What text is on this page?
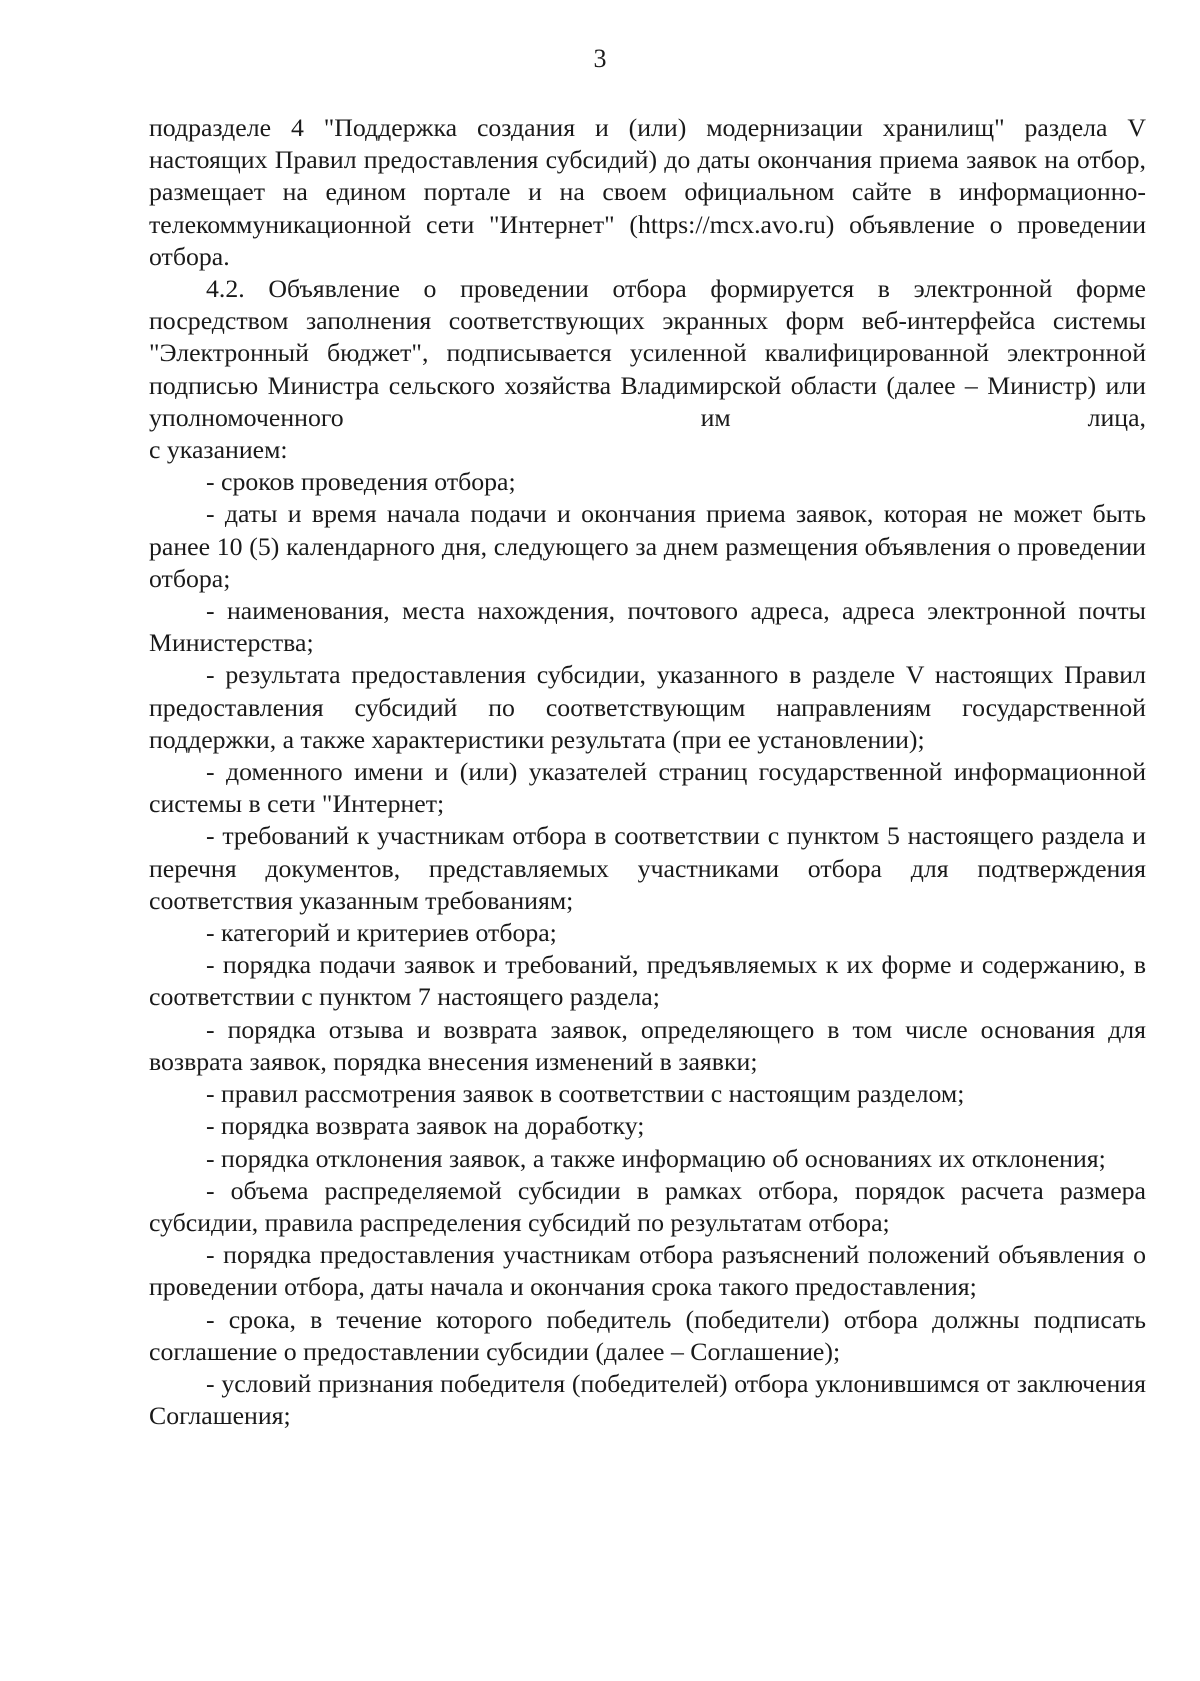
3

подразделе 4 "Поддержка создания и (или) модернизации хранилищ" раздела V настоящих Правил предоставления субсидий) до даты окончания приема заявок на отбор, размещает на едином портале и на своем официальном сайте в информационно-телекоммуникационной сети "Интернет" (https://mcx.avo.ru) объявление о проведении отбора.

4.2. Объявление о проведении отбора формируется в электронной форме посредством заполнения соответствующих экранных форм веб-интерфейса системы "Электронный бюджет", подписывается усиленной квалифицированной электронной подписью Министра сельского хозяйства Владимирской области (далее – Министр) или уполномоченного им лица,

с указанием:

- сроков проведения отбора;

- даты и время начала подачи и окончания приема заявок, которая не может быть ранее 10 (5) календарного дня, следующего за днем размещения объявления о проведении отбора;

- наименования, места нахождения, почтового адреса, адреса электронной почты Министерства;

- результата предоставления субсидии, указанного в разделе V настоящих Правил предоставления субсидий по соответствующим направлениям государственной поддержки, а также характеристики результата (при ее установлении);

- доменного имени и (или) указателей страниц государственной информационной системы в сети "Интернет;

- требований к участникам отбора в соответствии с пунктом 5 настоящего раздела и перечня документов, представляемых участниками отбора для подтверждения соответствия указанным требованиям;

- категорий и критериев отбора;

- порядка подачи заявок и требований, предъявляемых к их форме и содержанию, в соответствии с пунктом 7 настоящего раздела;

- порядка отзыва и возврата заявок, определяющего в том числе основания для возврата заявок, порядка внесения изменений в заявки;

- правил рассмотрения заявок в соответствии с настоящим разделом;

- порядка возврата заявок на доработку;

- порядка отклонения заявок, а также информацию об основаниях их отклонения;

- объема распределяемой субсидии в рамках отбора, порядок расчета размера субсидии, правила распределения субсидий по результатам отбора;

- порядка предоставления участникам отбора разъяснений положений объявления о проведении отбора, даты начала и окончания срока такого предоставления;

- срока, в течение которого победитель (победители) отбора должны подписать соглашение о предоставлении субсидии (далее – Соглашение);

- условий признания победителя (победителей) отбора уклонившимся от заключения Соглашения;
